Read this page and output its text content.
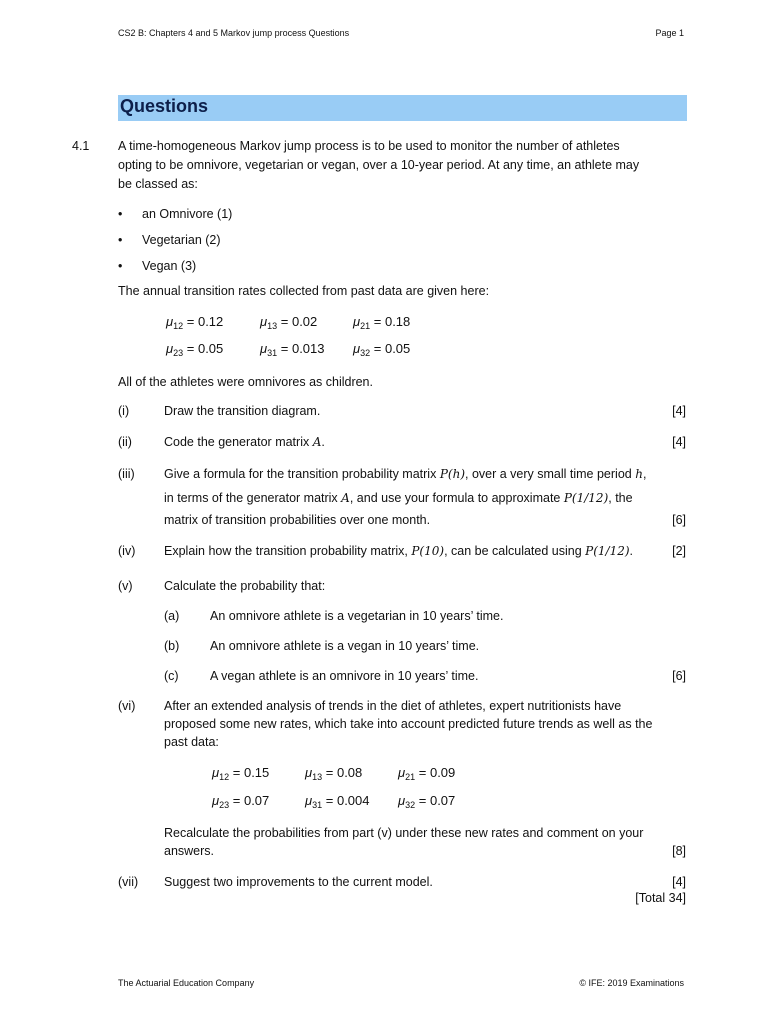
CS2 B: Chapters 4 and 5 Markov jump process Questions	Page 1
Questions
4.1 A time-homogeneous Markov jump process is to be used to monitor the number of athletes
opting to be omnivore, vegetarian or vegan, over a 10-year period. At any time, an athlete may
be classed as:
• an Omnivore (1)
• Vegetarian (2)
• Vegan (3)
The annual transition rates collected from past data are given here:
$\mu_{12} = 0.12$	$\mu_{13} = 0.02$	$\mu_{21} = 0.18$
$\mu_{23} = 0.05$	$\mu_{31} = 0.013$ $\mu_{32} = 0.05$
All of the athletes were omnivores as children.
(i)	Draw the transition diagram.	[4]
(ii)	Code the generator matrix A.	[4]
(iii) Give a formula for the transition probability matrix P(h), over a very small time period h,
in terms of the generator matrix A, and use your formula to approximate P(1/12), the
matrix of transition probabilities over one month.	[6]
(iv) Explain how the transition probability matrix, P(10), can be calculated using P(1/12).	[2]
(v)	Calculate the probability that:
(a) An omnivore athlete is a vegetarian in 10 years’ time.
(b) An omnivore athlete is a vegan in 10 years’ time.
(c)	A vegan athlete is an omnivore in 10 years’ time.	[6]
(vi) After an extended analysis of trends in the diet of athletes, expert nutritionists have
proposed some new rates, which take into account predicted future trends as well as the
past data:
$\mu_{12} = 0.15$	$\mu_{13} = 0.08$	$\mu_{21} = 0.09$
$\mu_{23} = 0.07$	$\mu_{31} = 0.004$ $\mu_{32} = 0.07$
Recalculate the probabilities from part (v) under these new rates and comment on your
answers.	[8]
(vii) Suggest two improvements to the current model.	[4]
[Total 34]
The Actuarial Education Company	© IFE: 2019 Examinations
